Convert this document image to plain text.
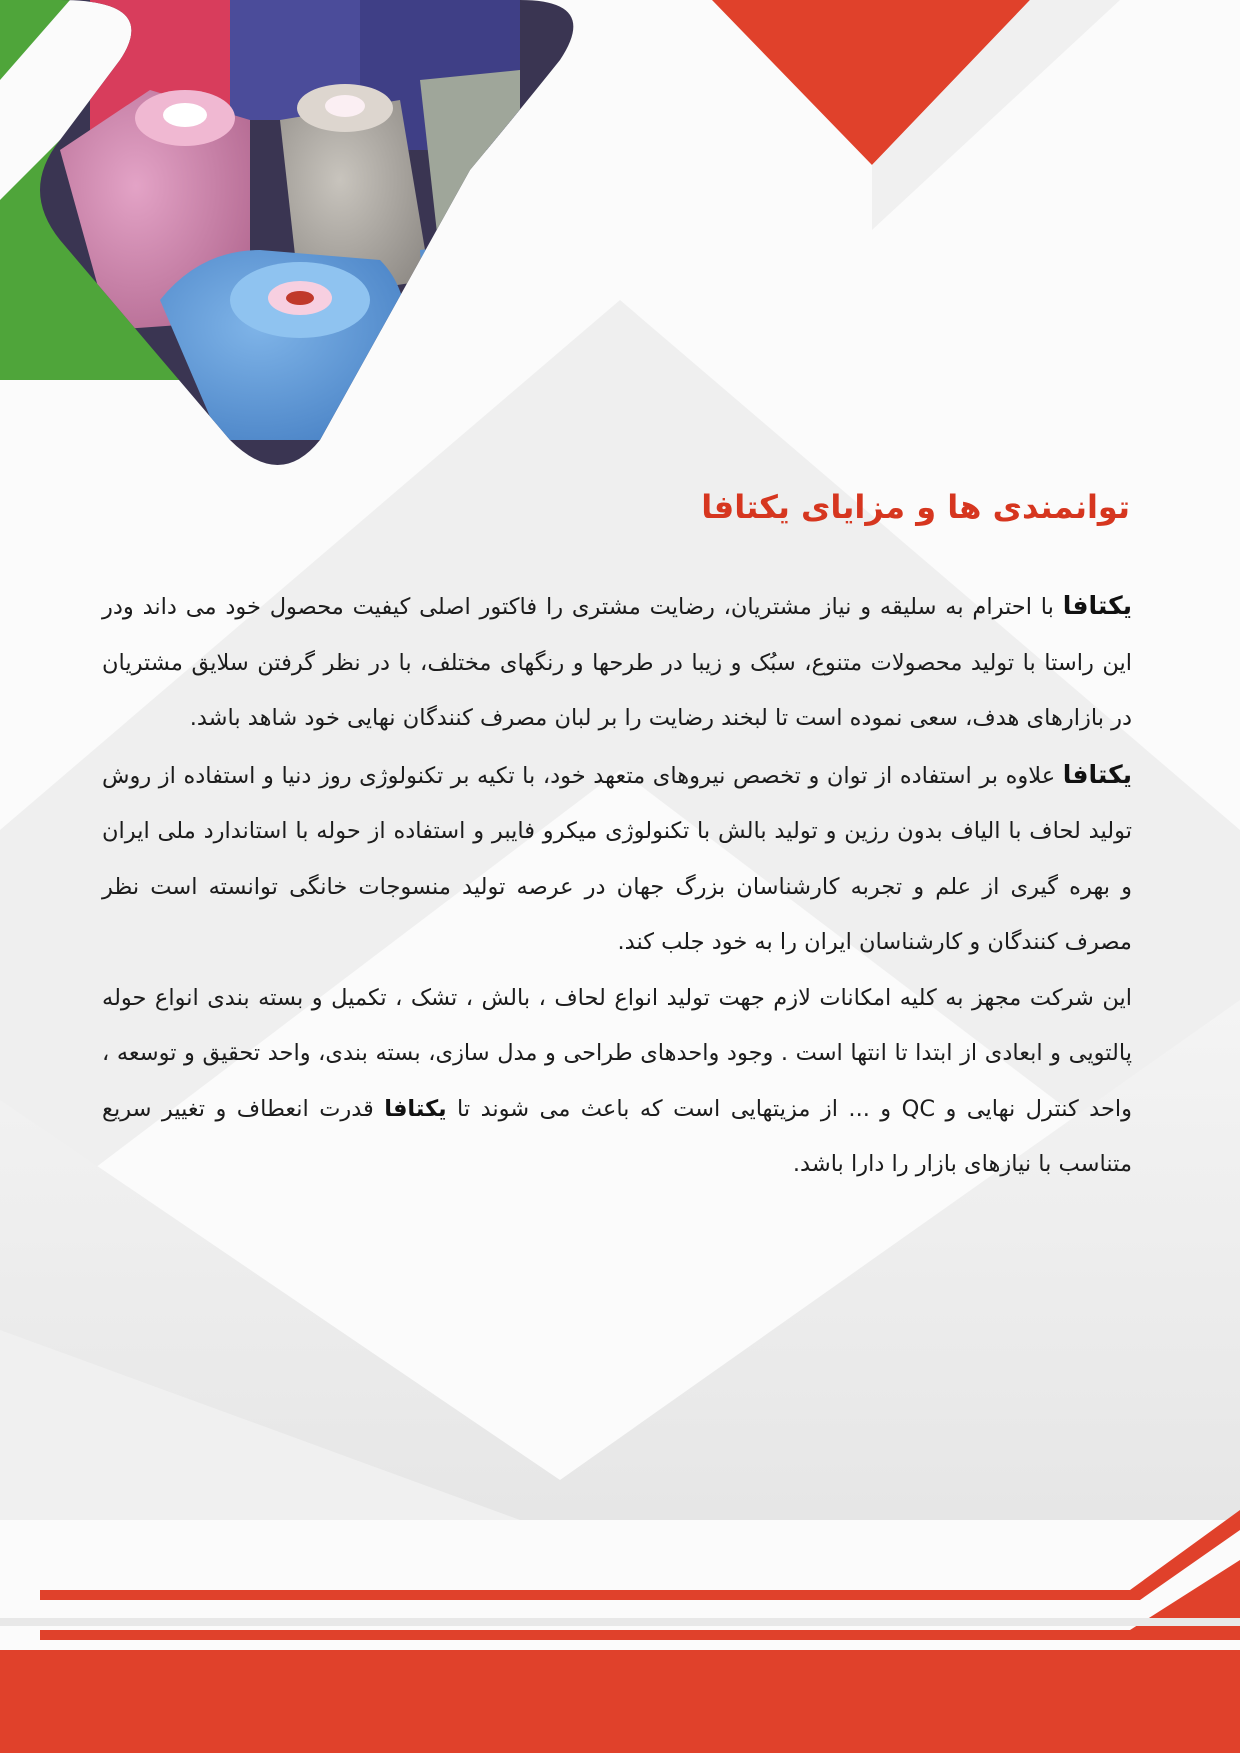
توانمندی ها و مزایای یکتافا

یکتافا با احترام به سلیقه و نیاز مشتریان، رضایت مشتری را فاکتور اصلی کیفیت محصول خود می داند ودر این راستا با تولید محصولات متنوع، سبُک و زیبا در طرحها و رنگهای مختلف، با در نظر گرفتن سلایق مشتریان در بازارهای هدف، سعی نموده است تا لبخند رضایت را بر لبان مصرف کنندگان نهایی خود شاهد باشد.

یکتافا علاوه بر استفاده از توان و تخصص نیروهای متعهد خود، با تکیه بر تکنولوژی روز دنیا و استفاده از روش تولید لحاف با الیاف بدون رزین و تولید بالش با تکنولوژی میکرو فایبر و استفاده از حوله با استاندارد ملی ایران و بهره گیری از علم و تجربه کارشناسان بزرگ جهان در عرصه تولید منسوجات خانگی توانسته است نظر مصرف کنندگان و کارشناسان ایران را به خود جلب کند.

این شرکت مجهز به کلیه امکانات لازم جهت تولید انواع لحاف ، بالش ، تشک ، تکمیل و بسته بندی انواع حوله پالتویی و ابعادی از ابتدا تا انتها است . وجود واحدهای طراحی و مدل سازی، بسته بندی، واحد تحقیق و توسعه ، واحد کنترل نهایی و QC و ... از مزیتهایی است که باعث می شوند تا یکتافا قدرت انعطاف و تغییر سریع متناسب با نیازهای بازار را دارا باشد.
